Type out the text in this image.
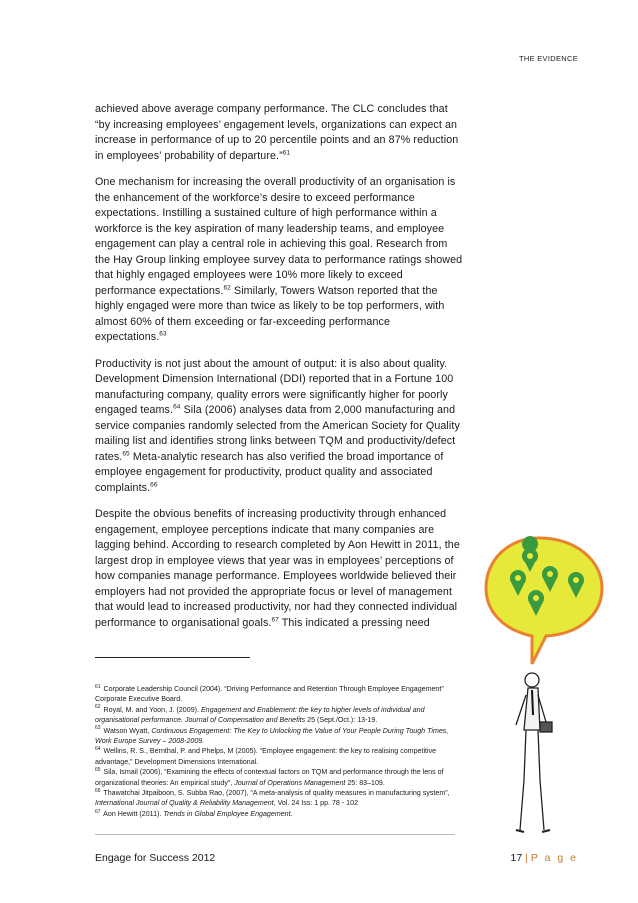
THE EVIDENCE

achieved above average company performance. The CLC concludes that “by increasing employees’ engagement levels, organizations can expect an increase in performance of up to 20 percentile points and an 87% reduction in employees’ probability of departure.”$^{61}$

One mechanism for increasing the overall productivity of an organisation is the enhancement of the workforce’s desire to exceed performance expectations. Instilling a sustained culture of high performance within a workforce is the key aspiration of many leadership teams, and employee engagement can play a central role in achieving this goal. Research from the Hay Group linking employee survey data to performance ratings showed that highly engaged employees were 10% more likely to exceed performance expectations.$^{62}$ Similarly, Towers Watson reported that the highly engaged were more than twice as likely to be top performers, with almost 60% of them exceeding or far-exceeding performance expectations.$^{63}$

Productivity is not just about the amount of output: it is also about quality. Development Dimension International (DDI) reported that in a Fortune 100 manufacturing company, quality errors were significantly higher for poorly engaged teams.$^{64}$ Sila (2006) analyses data from 2,000 manufacturing and service companies randomly selected from the American Society for Quality mailing list and identifies strong links between TQM and productivity/defect rates.$^{65}$ Meta-analytic research has also verified the broad importance of employee engagement for productivity, product quality and associated complaints.$^{66}$

Despite the obvious benefits of increasing productivity through enhanced engagement, employee perceptions indicate that many companies are lagging behind. According to research completed by Aon Hewitt in 2011, the largest drop in employee views that year was in employees’ perceptions of how companies manage performance. Employees worldwide believed their employers had not provided the appropriate focus or level of management that would lead to increased productivity, nor had they connected individual performance to organisational goals.$^{67}$ This indicated a pressing need

$^{61}$ Corporate Leadership Council (2004). “Driving Performance and Retention Through Employee Engagement” Corporate Executive Board.

$^{62}$ Royal, M. and Yoon, J. (2009). Engagement and Enablement: the key to higher levels of individual and organisational performance. Journal of Compensation and Benefits 25 (Sept./Oct.): 13-19.

$^{63}$ Watson Wyatt, Continuous Engagement: The Key to Unlocking the Value of Your People During Tough Times, Work Europe Survey – 2008-2009.

$^{64}$ Wellins, R. S., Bernthal, P. and Phelps, M (2005). “Employee engagement: the key to realising competitive advantage,” Development Dimensions International.

$^{65}$ Sila, Ismail (2006), “Examining the effects of contextual factors on TQM and performance through the lens of organizational theories: An empirical study”, Journal of Operations Management 25: 83–109.

$^{66}$ Thawatchai Jitpaiboon, S. Subba Rao, (2007), “A meta-analysis of quality measures in manufacturing system”, International Journal of Quality & Reliability Management, Vol. 24 Iss: 1 pp. 78 - 102

$^{67}$ Aon Hewitt (2011). Trends in Global Employee Engagement.

Engage for Success 2012	17 | P a g e
